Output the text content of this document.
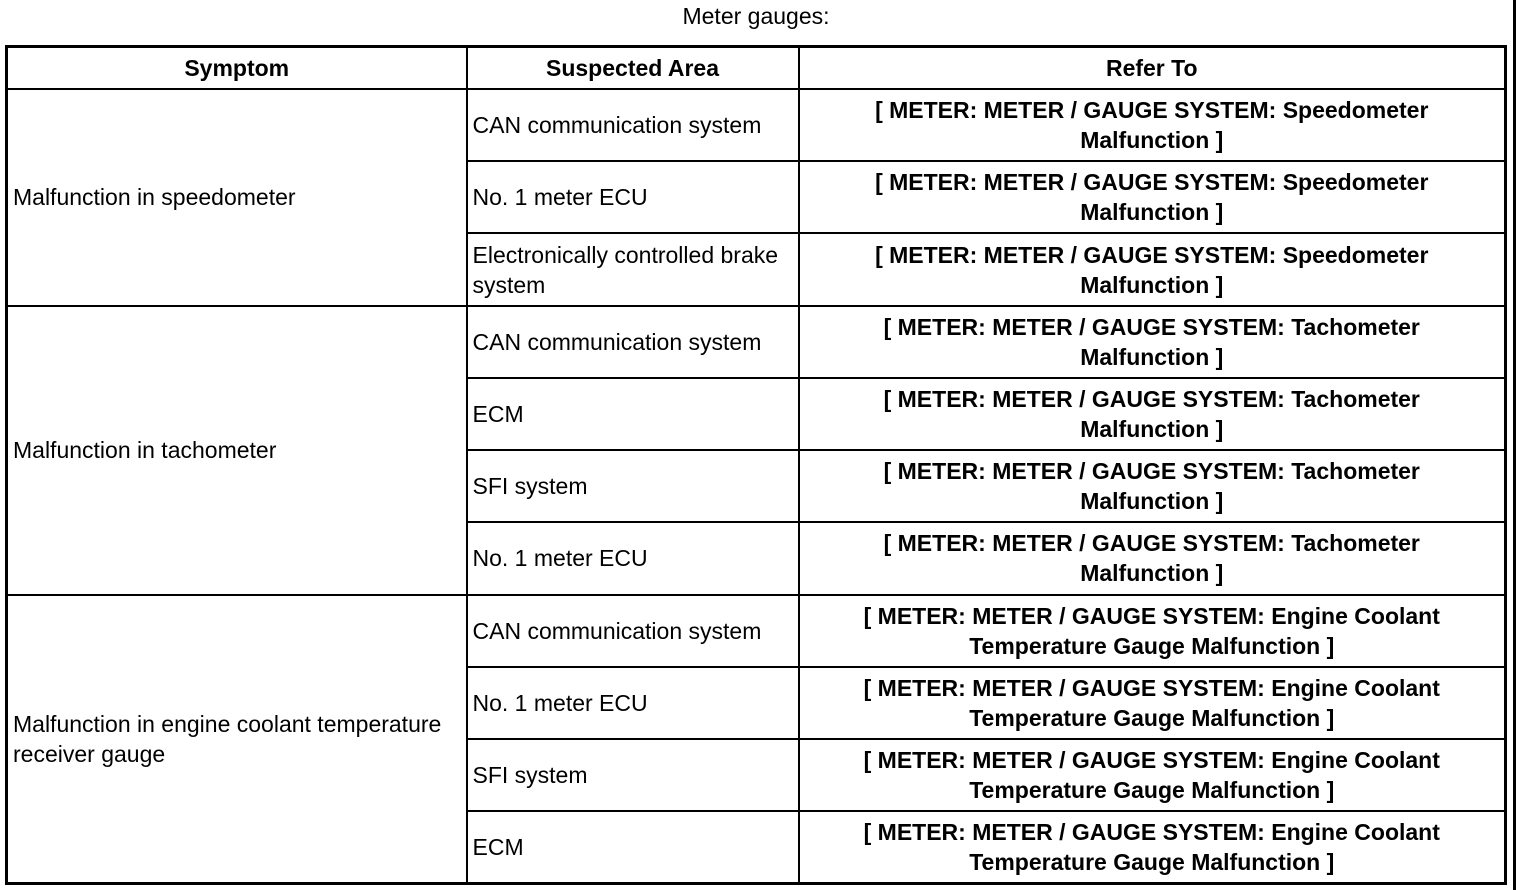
Meter gauges:
Symptom	Suspected Area	Refer To
Malfunction in speedometer	CAN communication system	[ METER: METER / GAUGE SYSTEM: Speedometer Malfunction ]
	No. 1 meter ECU	[ METER: METER / GAUGE SYSTEM: Speedometer Malfunction ]
	Electronically controlled brake system	[ METER: METER / GAUGE SYSTEM: Speedometer Malfunction ]
Malfunction in tachometer	CAN communication system	[ METER: METER / GAUGE SYSTEM: Tachometer Malfunction ]
	ECM	[ METER: METER / GAUGE SYSTEM: Tachometer Malfunction ]
	SFI system	[ METER: METER / GAUGE SYSTEM: Tachometer Malfunction ]
	No. 1 meter ECU	[ METER: METER / GAUGE SYSTEM: Tachometer Malfunction ]
Malfunction in engine coolant temperature receiver gauge	CAN communication system	[ METER: METER / GAUGE SYSTEM: Engine Coolant Temperature Gauge Malfunction ]
	No. 1 meter ECU	[ METER: METER / GAUGE SYSTEM: Engine Coolant Temperature Gauge Malfunction ]
	SFI system	[ METER: METER / GAUGE SYSTEM: Engine Coolant Temperature Gauge Malfunction ]
	ECM	[ METER: METER / GAUGE SYSTEM: Engine Coolant Temperature Gauge Malfunction ]
